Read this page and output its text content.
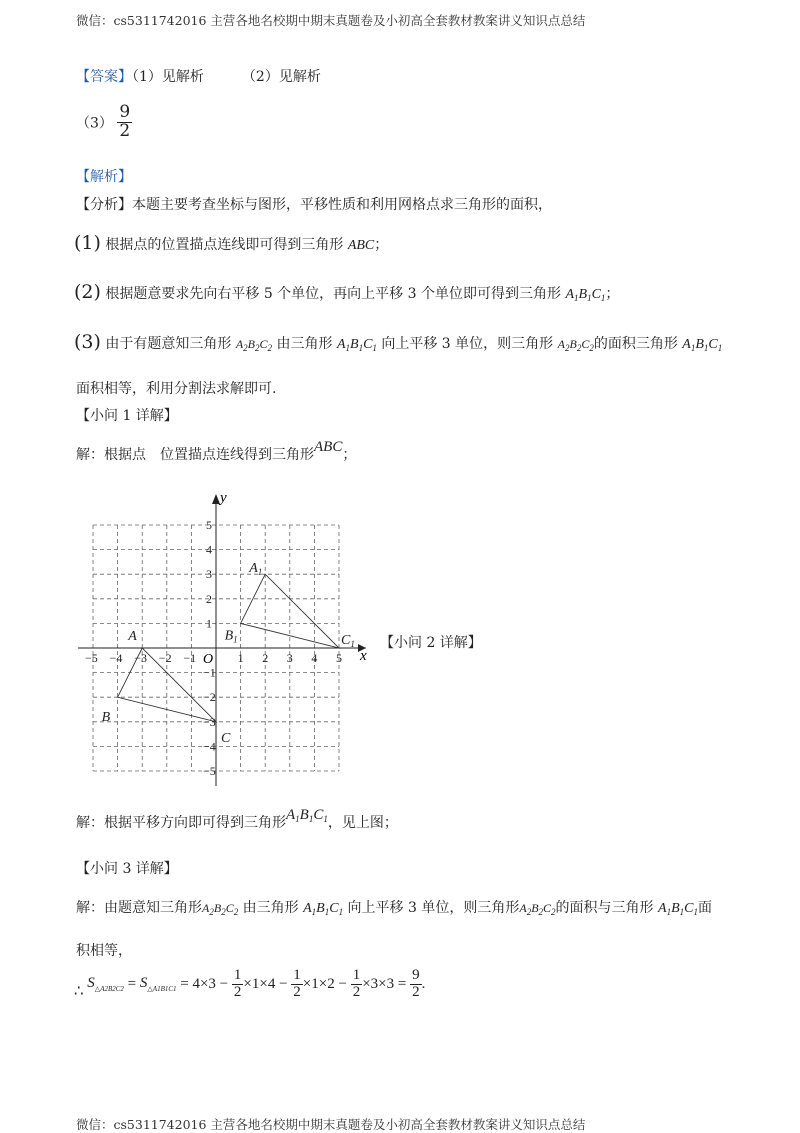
微信：cs5311742016 主营各地名校期中期末真题卷及小初高全套教材教案讲义知识点总结
【答案】（1）见解析	（2）见解析
$(3) \frac{9}{2}$
【解析】
【分析】本题主要考查坐标与图形，平移性质和利用网格点求三角形的面积，
(1) 根据点的位置描点连线即可得到三角形 ABC；
(2) 根据题意要求先向右平移 5 个单位，再向上平移 3 个单位即可得到三角形 $A_1B_1C_1$；
(3) 由于有题意知三角形 $A_2B_2C_2$ 由三角形 $A_1B_1C_1$ 向上平移 3 单位，则三角形 $A_2B_2C_2$的面积三角形 $A_1B_1C_1$
面积相等，利用分割法求解即可.
【小问 1 详解】
解：根据点　位置描点连线得到三角形ABC；
−5 −4 −3 −2 −1	1 2 3 4 5
5
4
3
2
1
−1
−2
−3
−4
−5
A
B
C
$A_1$
$B_1$	$C_1$
y
x
O
【小问 2 详解】
解：根据平移方向即可得到三角形$A_1B_1C_1$，见上图；
【小问 3 详解】
解：由题意知三角形$A_2B_2C_2$ 由三角形 $A_1B_1C_1$ 向上平移 3 单位，则三角形$A_2B_2C_2$的面积与三角形 $A_1B_1C_1$面
积相等，
∴ $S_{\triangle A2B2C2} = S_{\triangle A1B1C1} = 4\times 3 - \frac{1}{2} \times 1\times 4 - \frac{1}{2} \times 1\times 2 - \frac{1}{2} \times 3\times 3 = \frac{9}{2}$ .
微信：cs5311742016 主营各地名校期中期末真题卷及小初高全套教材教案讲义知识点总结
